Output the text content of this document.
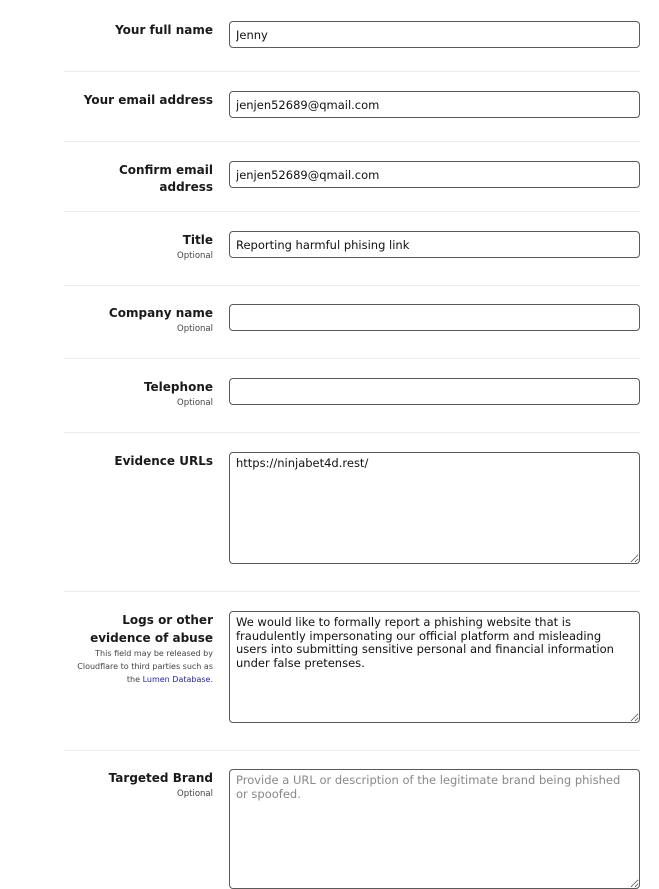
Your full name
Jenny
Your email address
jenjen52689@qmail.com
Confirm email address
jenjen52689@qmail.com
Title
Optional
Reporting harmful phising link
Company name
Optional
Telephone
Optional
Evidence URLs
https://ninjabet4d.rest/
Logs or other evidence of abuse
This field may be released by Cloudflare to third parties such as the Lumen Database.
We would like to formally report a phishing website that is fraudulently impersonating our official platform and misleading users into submitting sensitive personal and financial information under false pretenses.
Targeted Brand
Optional
Provide a URL or description of the legitimate brand being phished or spoofed.
